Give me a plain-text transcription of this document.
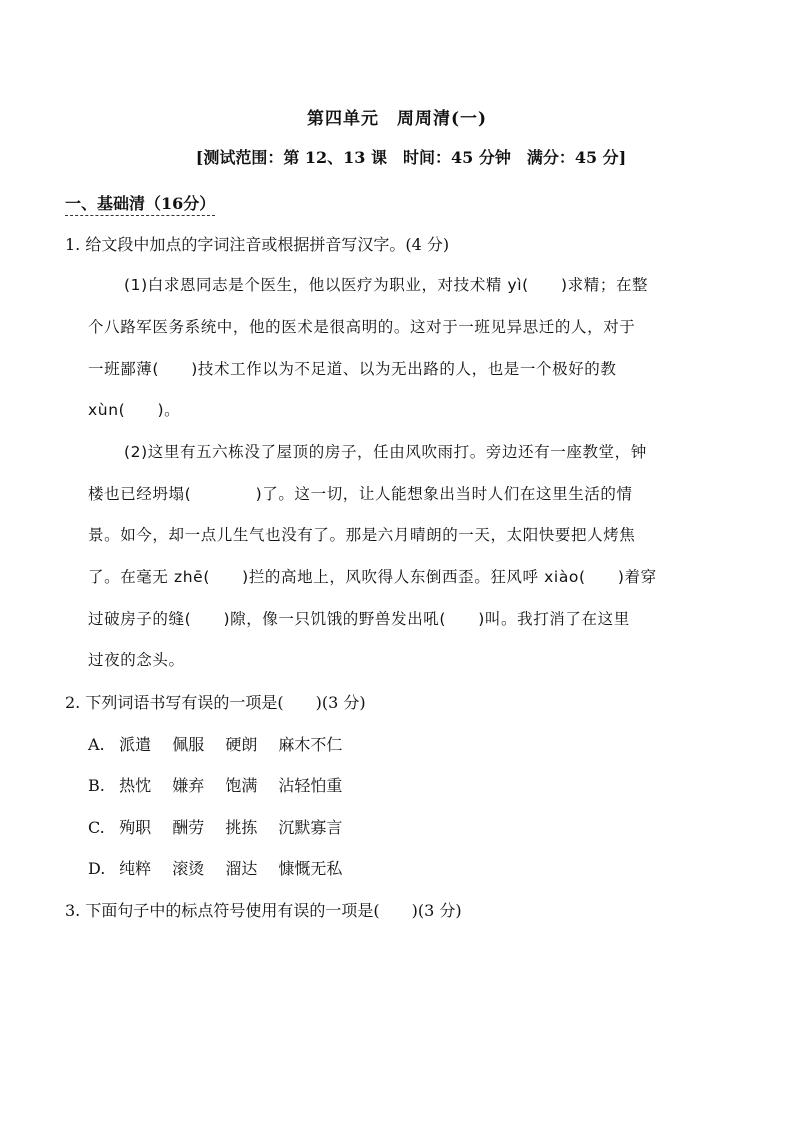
第四单元　周周清(一)
[测试范围：第 12、13 课　时间：45 分钟　满分：45 分]
一、基础清（16分）
1. 给文段中加点的字词注音或根据拼音写汉字。(4 分)
(1)白求恩同志是个医生，他以医疗为职业，对技术精 yì(　　)求精；在整
个八路军医务系统中，他的医术是很高明的。这对于一班见异思迁的人，对于
一班鄙薄(　　)技术工作以为不足道、以为无出路的人，也是一个极好的教
xùn(　　)。
(2)这里有五六栋没了屋顶的房子，任由风吹雨打。旁边还有一座教堂，钟
楼也已经坍塌(　　　　)了。这一切，让人能想象出当时人们在这里生活的情
景。如今，却一点儿生气也没有了。那是六月晴朗的一天，太阳快要把人烤焦
了。在毫无 zhē(　　)拦的高地上，风吹得人东倒西歪。狂风呼 xiào(　　)着穿
过破房子的缝(　　)隙，像一只饥饿的野兽发出吼(　　)叫。我打消了在这里
过夜的念头。
2. 下列词语书写有误的一项是(　　)(3 分)
A. 派遣 佩服 硬朗 麻木不仁
B. 热忱 嫌弃 饱满 沾轻怕重
C. 殉职 酬劳 挑拣 沉默寡言
D. 纯粹 滚烫 溜达 慷慨无私
3. 下面句子中的标点符号使用有误的一项是(　　)(3 分)
